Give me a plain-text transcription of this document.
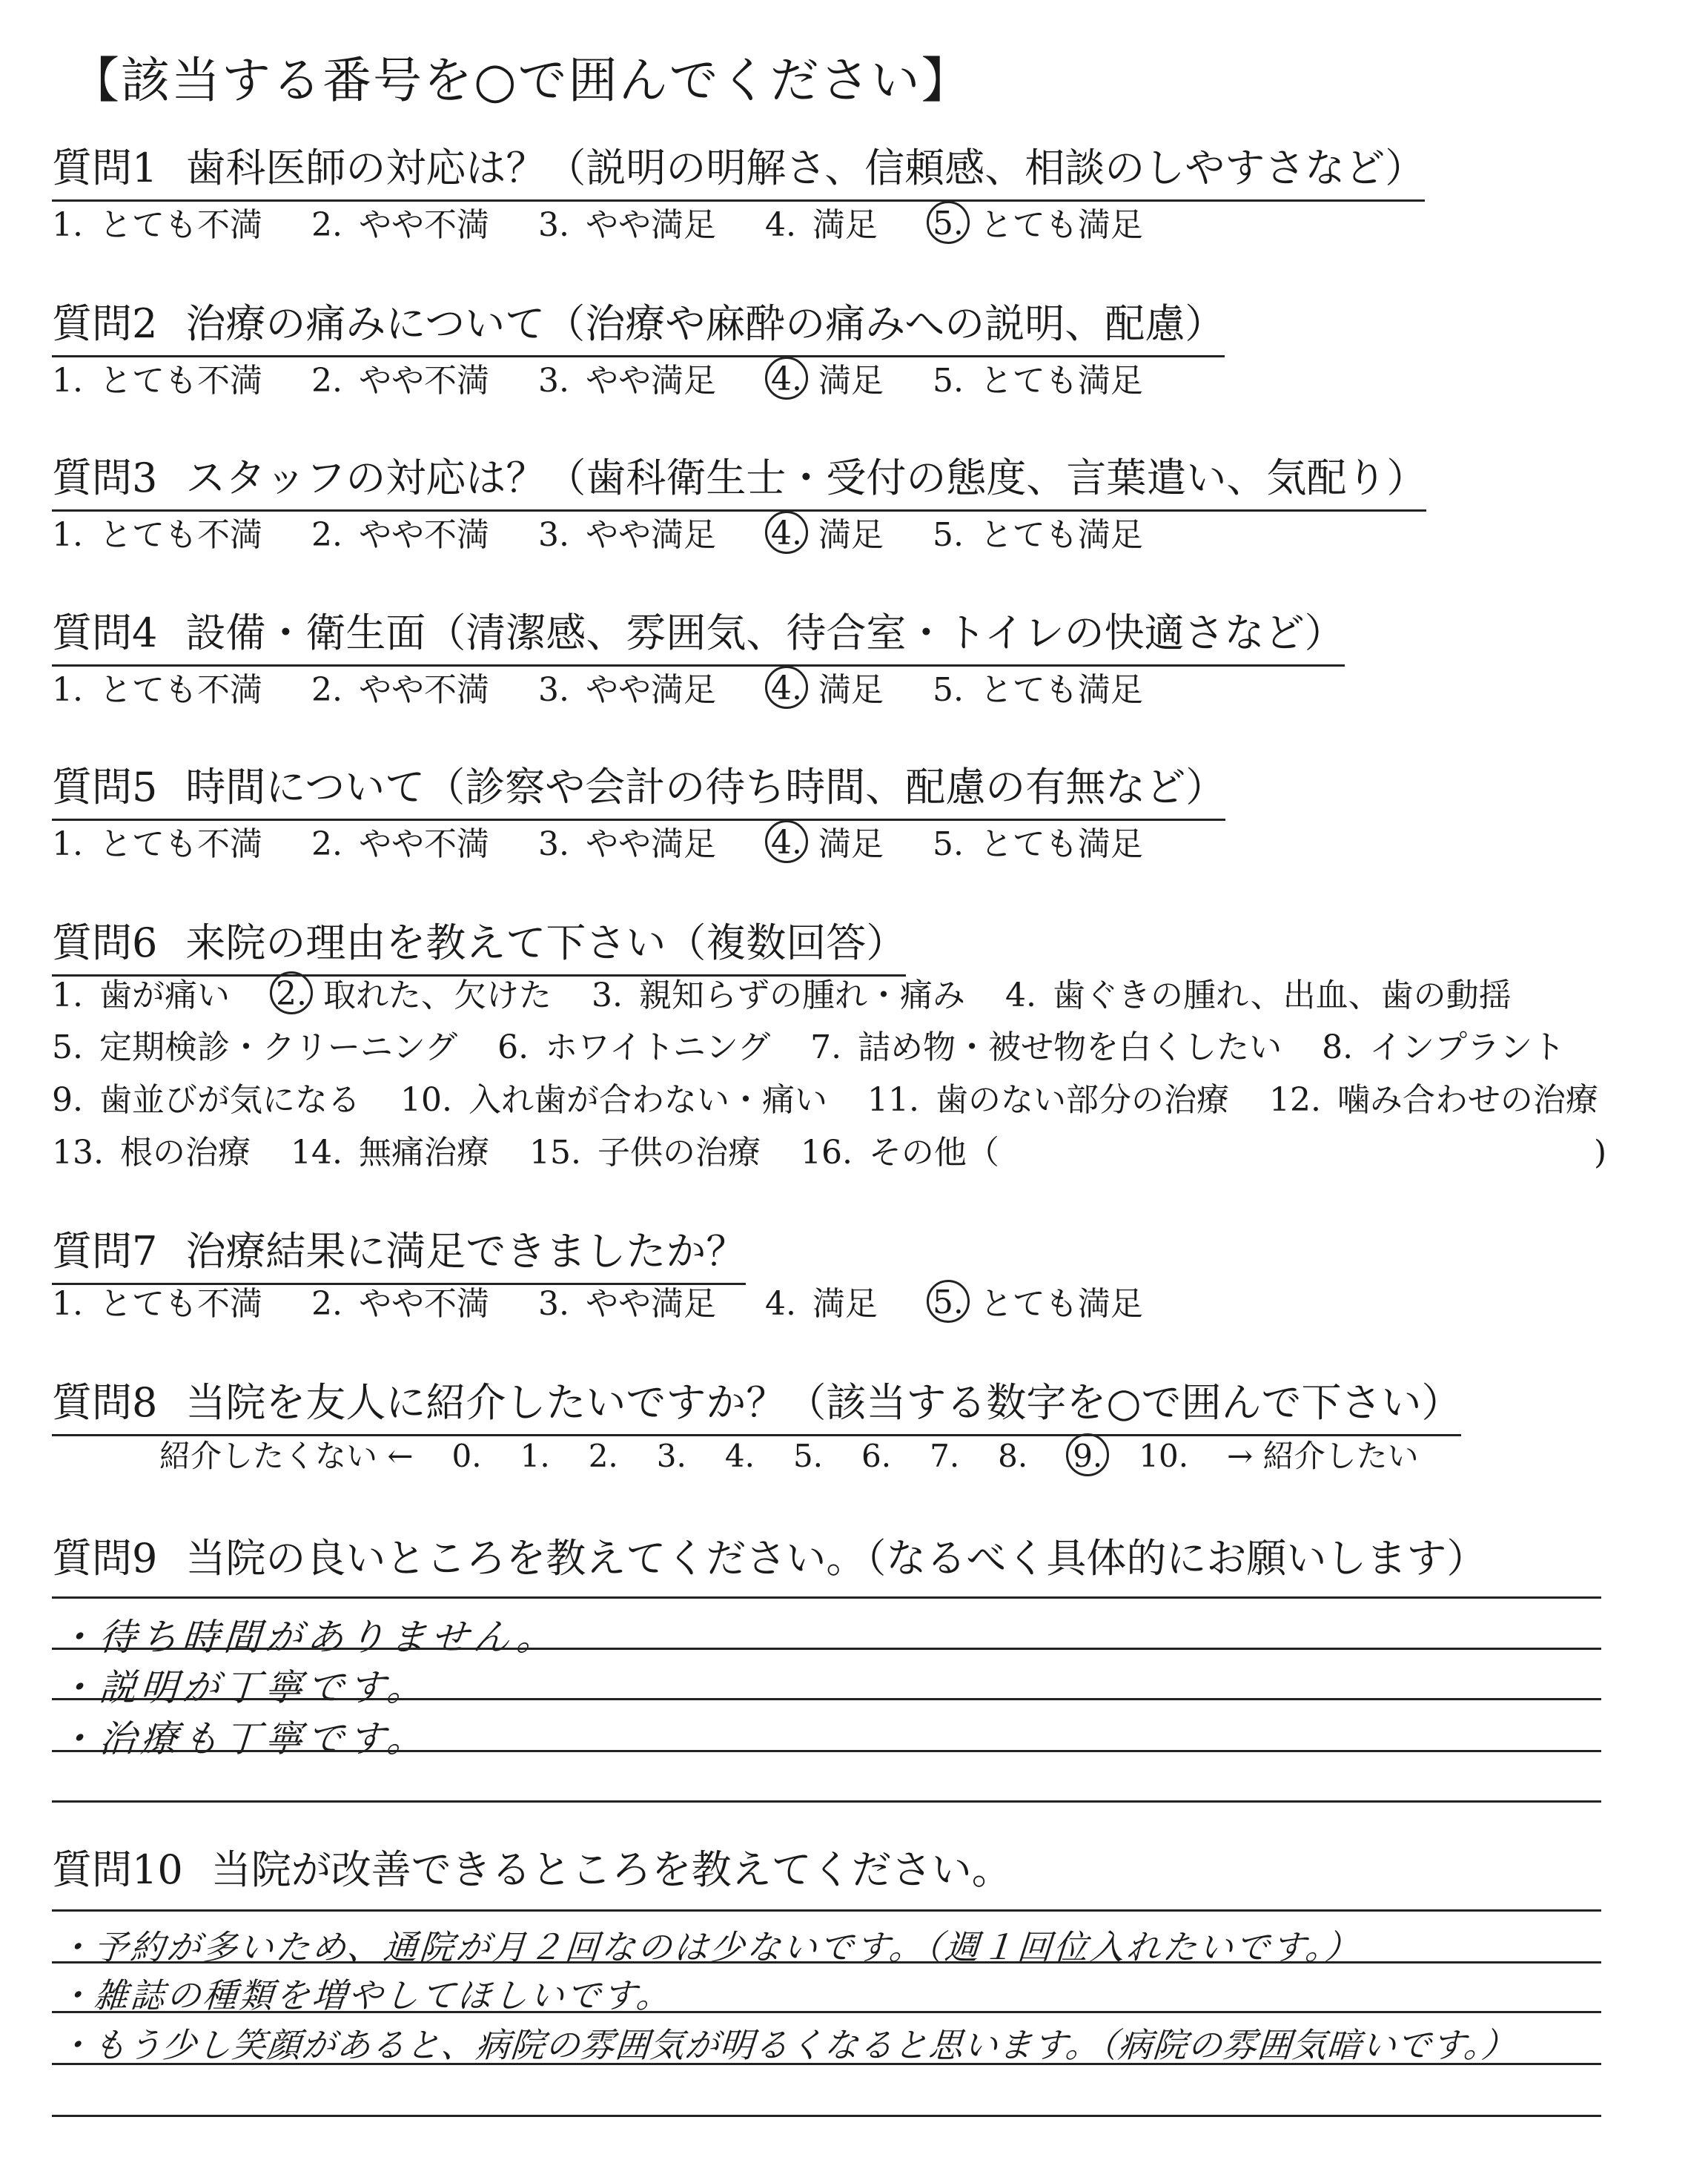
【該当する番号を○で囲んでください】
質問1 歯科医師の対応は？（説明の明解さ、信頼感、相談のしやすさなど）
1. とても不満 2. やや不満 3. やや満足 4. 満足 5. とても満足
質問2 治療の痛みについて（治療や麻酔の痛みへの説明、配慮）
1. とても不満 2. やや不満 3. やや満足 4. 満足 5. とても満足
質問3 スタッフの対応は？（歯科衛生士・受付の態度、言葉遣い、気配り）
1. とても不満 2. やや不満 3. やや満足 4. 満足 5. とても満足
質問4 設備・衛生面（清潔感、雰囲気、待合室・トイレの快適さなど）
1. とても不満 2. やや不満 3. やや満足 4. 満足 5. とても満足
質問5 時間について（診察や会計の待ち時間、配慮の有無など）
1. とても不満 2. やや不満 3. やや満足 4. 満足 5. とても満足
質問6 来院の理由を教えて下さい（複数回答）
1. 歯が痛い 2. 取れた、欠けた 3. 親知らずの腫れ・痛み 4. 歯ぐきの腫れ、出血、歯の動揺
5. 定期検診・クリーニング 6. ホワイトニング 7. 詰め物・被せ物を白くしたい 8. インプラント
9. 歯並びが気になる 10. 入れ歯が合わない・痛い 11. 歯のない部分の治療 12. 噛み合わせの治療
13. 根の治療 14. 無痛治療 15. 子供の治療 16. その他（	)
質問7 治療結果に満足できましたか？
1. とても不満 2. やや不満 3. やや満足 4. 満足 5. とても満足
質問8 当院を友人に紹介したいですか？（該当する数字を○で囲んで下さい）
紹介したくない ← 0. 1. 2. 3. 4. 5. 6. 7. 8. 9. 10. → 紹介したい
質問9 当院の良いところを教えてください。（なるべく具体的にお願いします）
・待ち時間がありません。
・説明が丁寧です。
・治療も丁寧です。
質問10 当院が改善できるところを教えてください。
・予約が多いため、通院が月２回なのは少ないです。（週１回位入れたいです。）
・雑誌の種類を増やしてほしいです。
・もう少し笑顔があると、病院の雰囲気が明るくなると思います。（病院の雰囲気暗いです。）
